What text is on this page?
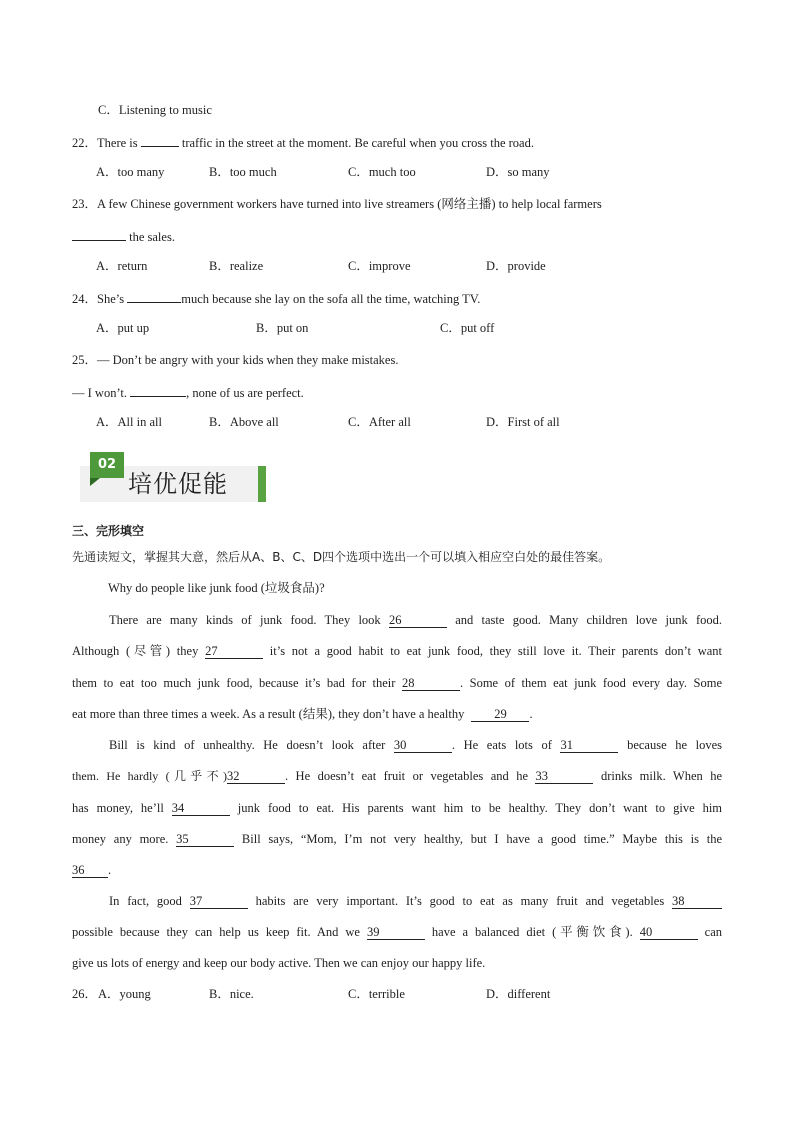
C．Listening to music
22．There is	traffic in the street at the moment. Be careful when you cross the road.
A．too many	B．too much	C．much too	D．so many
23．A few Chinese government workers have turned into live streamers (网络主播) to help local farmers
the sales.
A．return	B．realize	C．improve	D．provide
24．She’s	much because she lay on the sofa all the time, watching TV.
A．put up	B．put on	C．put off
25．— Don’t be angry with your kids when they make mistakes.
— I won’t.	, none of us are perfect.
A．All in all	B．Above all	C．After all	D．First of all
02
培优促能
三、完形填空
先通读短文，掌握其大意，然后从A、B、C、D四个选项中选出一个可以填入相应空白处的最佳答案。
Why do people like junk food (垃圾食品)?
There are many kinds of junk food. They look 26	and taste good. Many children love junk food.
Although (尽管) they 27	it’s not a good habit to eat junk food, they still love it. Their parents don’t want
them to eat too much junk food, because it’s bad for their 28	. Some of them eat junk food every day. Some
eat more than three times a week. As a result (结果), they don’t have a healthy 29 .
Bill is kind of unhealthy. He doesn’t look after 30	. He eats lots of 31	because he loves
them. He hardly (几乎不)32	. He doesn’t eat fruit or vegetables and he 33	drinks milk. When he
has money, he’ll 34	junk food to eat. His parents want him to be healthy. They don’t want to give him
money any more. 35	Bill says, “Mom, I’m not very healthy, but I have a good time.” Maybe this is the
36 .
In fact, good 37	habits are very important. It’s good to eat as many fruit and vegetables 38
possible because they can help us keep fit. And we 39	have a balanced diet (平衡饮食). 40	can
give us lots of energy and keep our body active. Then we can enjoy our happy life.
26． A．young	B．nice.	C．terrible	D．different
